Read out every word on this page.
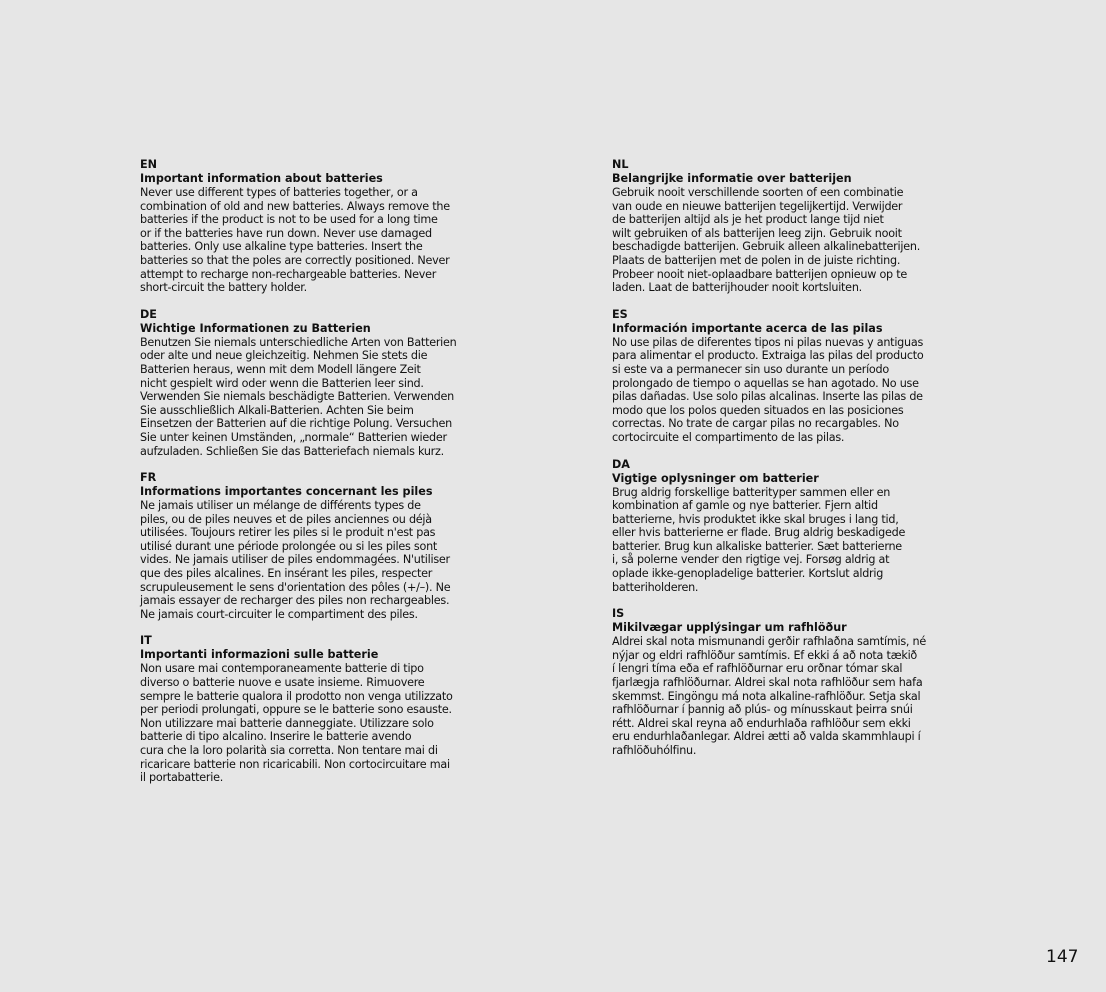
EN
Important information about batteries
Never use different types of batteries together, or a
combination of old and new batteries. Always remove the
batteries if the product is not to be used for a long time
or if the batteries have run down. Never use damaged
batteries. Only use alkaline type batteries. Insert the
batteries so that the poles are correctly positioned. Never
attempt to recharge non-rechargeable batteries. Never
short-circuit the battery holder.
DE
Wichtige Informationen zu Batterien
Benutzen Sie niemals unterschiedliche Arten von Batterien
oder alte und neue gleichzeitig. Nehmen Sie stets die
Batterien heraus, wenn mit dem Modell längere Zeit
nicht gespielt wird oder wenn die Batterien leer sind.
Verwenden Sie niemals beschädigte Batterien. Verwenden
Sie ausschließlich Alkali-Batterien. Achten Sie beim
Einsetzen der Batterien auf die richtige Polung. Versuchen
Sie unter keinen Umständen, „normale“ Batterien wieder
aufzuladen. Schließen Sie das Batteriefach niemals kurz.
FR
Informations importantes concernant les piles
Ne jamais utiliser un mélange de différents types de
piles, ou de piles neuves et de piles anciennes ou déjà
utilisées. Toujours retirer les piles si le produit n'est pas
utilisé durant une période prolongée ou si les piles sont
vides. Ne jamais utiliser de piles endommagées. N'utiliser
que des piles alcalines. En insérant les piles, respecter
scrupuleusement le sens d'orientation des pôles (+/–). Ne
jamais essayer de recharger des piles non rechargeables.
Ne jamais court-circuiter le compartiment des piles.
IT
Importanti informazioni sulle batterie
Non usare mai contemporaneamente batterie di tipo
diverso o batterie nuove e usate insieme. Rimuovere
sempre le batterie qualora il prodotto non venga utilizzato
per periodi prolungati, oppure se le batterie sono esauste.
Non utilizzare mai batterie danneggiate. Utilizzare solo
batterie di tipo alcalino. Inserire le batterie avendo
cura che la loro polarità sia corretta. Non tentare mai di
ricaricare batterie non ricaricabili. Non cortocircuitare mai
il portabatterie.
NL
Belangrijke informatie over batterijen
Gebruik nooit verschillende soorten of een combinatie
van oude en nieuwe batterijen tegelijkertijd. Verwijder
de batterijen altijd als je het product lange tijd niet
wilt gebruiken of als batterijen leeg zijn. Gebruik nooit
beschadigde batterijen. Gebruik alleen alkalinebatterijen.
Plaats de batterijen met de polen in de juiste richting.
Probeer nooit niet-oplaadbare batterijen opnieuw op te
laden. Laat de batterijhouder nooit kortsluiten.
ES
Información importante acerca de las pilas
No use pilas de diferentes tipos ni pilas nuevas y antiguas
para alimentar el producto. Extraiga las pilas del producto
si este va a permanecer sin uso durante un período
prolongado de tiempo o aquellas se han agotado. No use
pilas dañadas. Use solo pilas alcalinas. Inserte las pilas de
modo que los polos queden situados en las posiciones
correctas. No trate de cargar pilas no recargables. No
cortocircuite el compartimento de las pilas.
DA
Vigtige oplysninger om batterier
Brug aldrig forskellige batterityper sammen eller en
kombination af gamle og nye batterier. Fjern altid
batterierne, hvis produktet ikke skal bruges i lang tid,
eller hvis batterierne er flade. Brug aldrig beskadigede
batterier. Brug kun alkaliske batterier. Sæt batterierne
i, så polerne vender den rigtige vej. Forsøg aldrig at
oplade ikke-genopladelige batterier. Kortslut aldrig
batteriholderen.
IS
Mikilvægar upplýsingar um rafhlöður
Aldrei skal nota mismunandi gerðir rafhlaðna samtímis, né
nýjar og eldri rafhlöður samtímis. Ef ekki á að nota tækið
í lengri tíma eða ef rafhlöðurnar eru orðnar tómar skal
fjarlægja rafhlöðurnar. Aldrei skal nota rafhlöður sem hafa
skemmst. Eingöngu má nota alkaline-rafhlöður. Setja skal
rafhlöðurnar í þannig að plús- og mínusskaut þeirra snúi
rétt. Aldrei skal reyna að endurhlaða rafhlöður sem ekki
eru endurhlaðanlegar. Aldrei ætti að valda skammhlaupi í
rafhlöðuhólfinu.
147
